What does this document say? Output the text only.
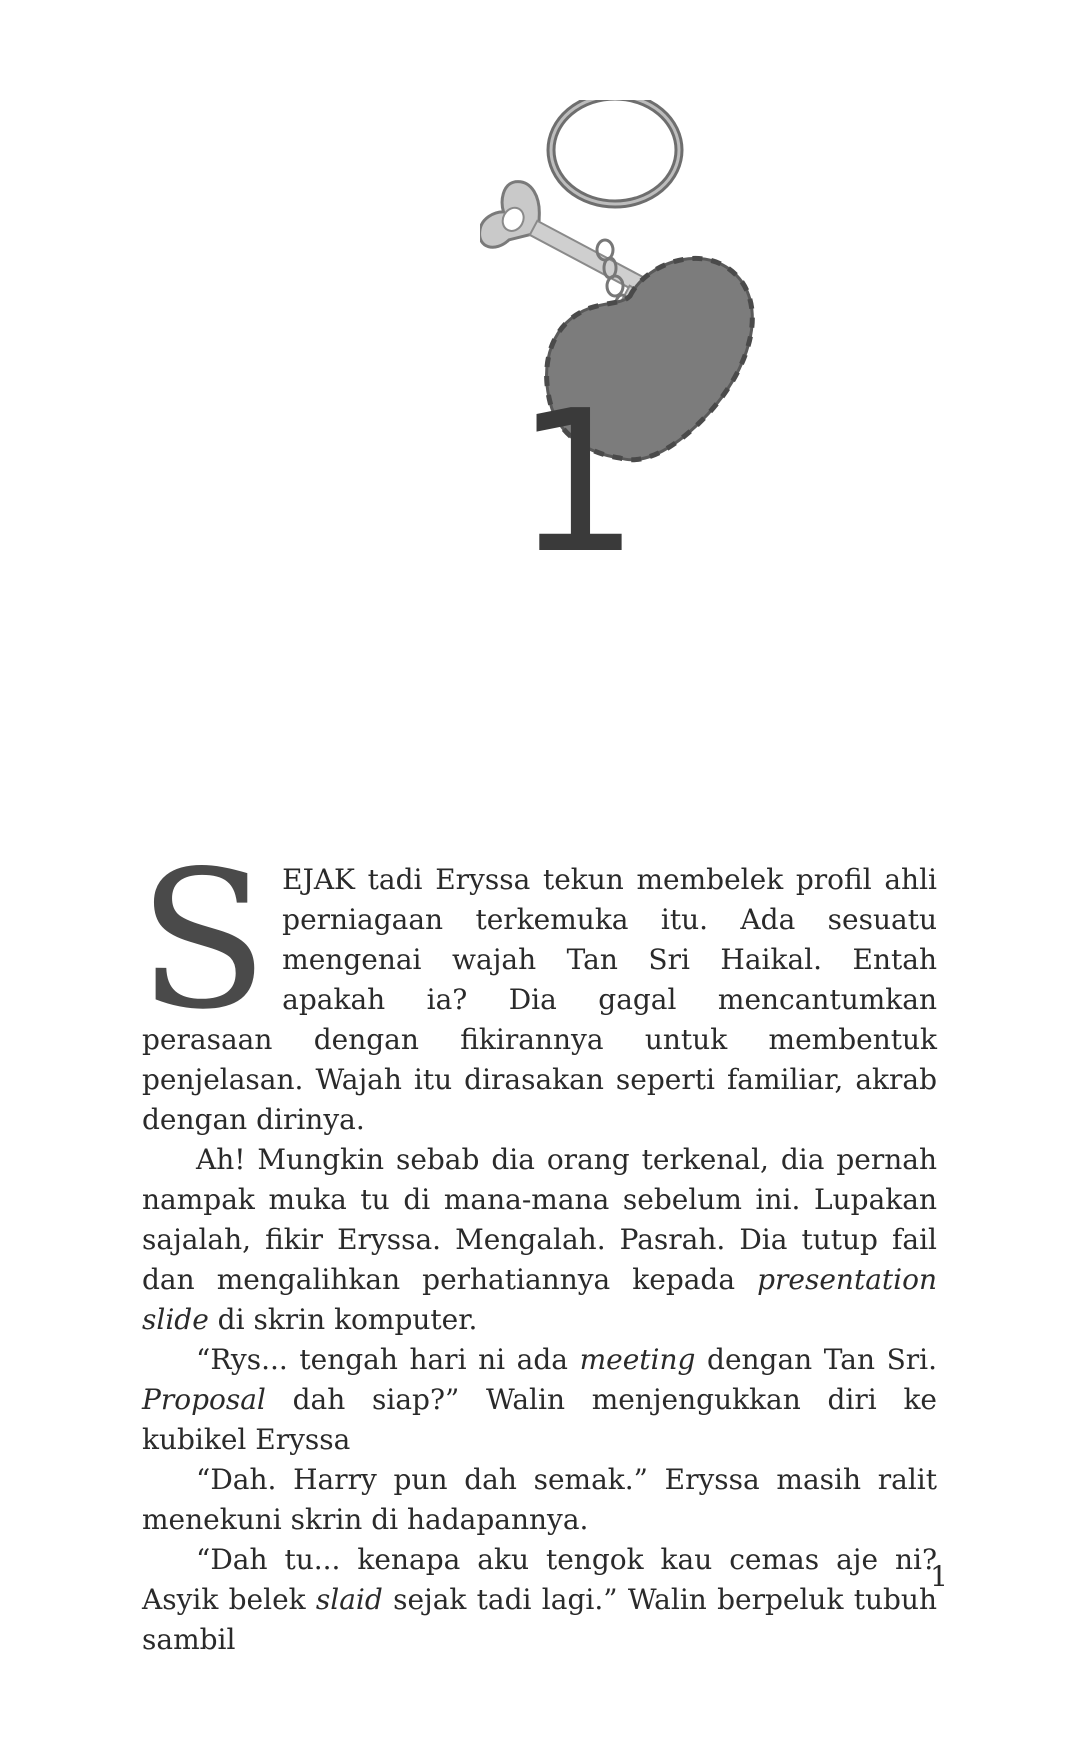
1

SEJAK tadi Eryssa tekun membelek profil ahli perniagaan terkemuka itu. Ada sesuatu mengenai wajah Tan Sri Haikal. Entah apakah ia? Dia gagal mencantumkan perasaan dengan fikirannya untuk membentuk penjelasan. Wajah itu dirasakan seperti familiar, akrab dengan dirinya.

Ah! Mungkin sebab dia orang terkenal, dia pernah nampak muka tu di mana-mana sebelum ini. Lupakan sajalah, fikir Eryssa. Mengalah. Pasrah. Dia tutup fail dan mengalihkan perhatiannya kepada presentation slide di skrin komputer.

“Rys... tengah hari ni ada meeting dengan Tan Sri. Proposal dah siap?” Walin menjengukkan diri ke kubikel Eryssa

“Dah. Harry pun dah semak.” Eryssa masih ralit menekuni skrin di hadapannya.

“Dah tu... kenapa aku tengok kau cemas aje ni? Asyik belek slaid sejak tadi lagi.” Walin berpeluk tubuh sambil

1
